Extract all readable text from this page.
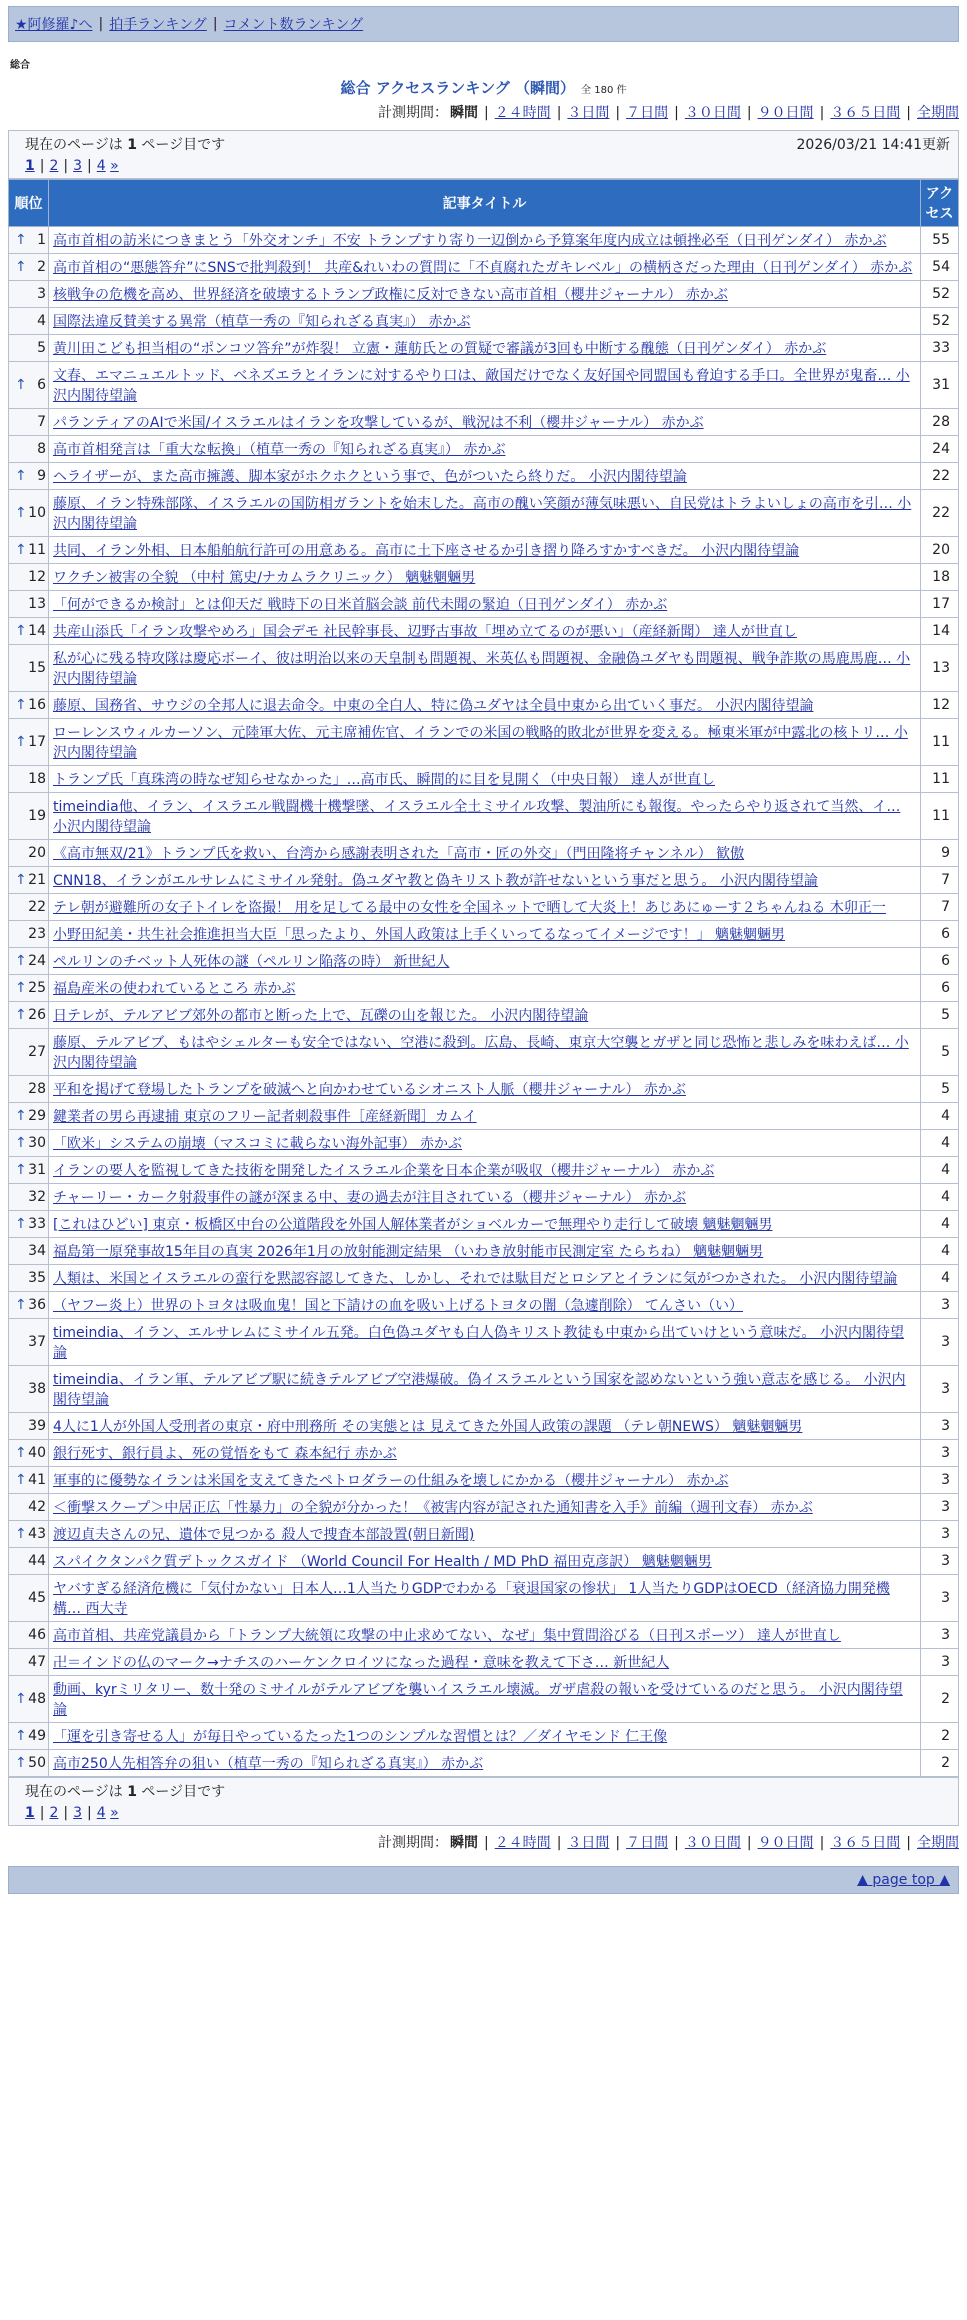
★阿修羅♪へ | 拍手ランキング | コメント数ランキング
総合
総合 アクセスランキング （瞬間） 全 180 件
計測期間： 瞬間 | ２４時間 | ３日間 | ７日間 | ３０日間 | ９０日間 | ３６５日間 | 全期間
現在のページは 1 ページ目です	2026/03/21 14:41更新
1 | 2 | 3 | 4 »
順位	記事タイトル	アクセス

↑ 1	高市首相の訪米につきまとう「外交オンチ」不安 トランプすり寄り一辺倒から予算案年度内成立は頓挫必至（日刊ゲンダイ） 赤かぶ	55

↑ 2	高市首相の“悪態答弁”にSNSで批判殺到！ 共産&れいわの質問に「不貞腐れたガキレベル」の横柄さだった理由（日刊ゲンダイ） 赤かぶ	54
3	核戦争の危機を高め、世界経済を破壊するトランプ政権に反対できない高市首相（櫻井ジャーナル） 赤かぶ	52
4	国際法違反賛美する異常（植草一秀の『知られざる真実』） 赤かぶ	52
5	黄川田こども担当相の“ポンコツ答弁”が炸裂！ 立憲・蓮舫氏との質疑で審議が3回も中断する醜態（日刊ゲンダイ） 赤かぶ	33

↑ 6	文春、エマニュエルトッド、ベネズエラとイランに対するやり口は、敵国だけでなく友好国や同盟国も脅迫する手口。全世界が鬼畜… 小沢内閣待望論	31
7	パランティアのAIで米国/イスラエルはイランを攻撃しているが、戦況は不利（櫻井ジャーナル） 赤かぶ	28
8	高市首相発言は「重大な転換」（植草一秀の『知られざる真実』） 赤かぶ	24

↑ 9	ヘライザーが、また高市擁護、脚本家がホクホクという事で、色がついたら終りだ。 小沢内閣待望論	22

↑ 10	藤原、イラン特殊部隊、イスラエルの国防相ガラントを始末した。高市の醜い笑顔が薄気味悪い、自民党はトラよいしょの高市を引… 小沢内閣待望論	22

↑ 11	共同、イラン外相、日本船舶航行許可の用意ある。高市に土下座させるか引き摺り降ろすかすべきだ。 小沢内閣待望論	20
12	ワクチン被害の全貌 （中村 篤史/ナカムラクリニック） 魑魅魍魎男	18
13	「何ができるか検討」とは仰天だ 戦時下の日米首脳会談 前代未聞の緊迫（日刊ゲンダイ） 赤かぶ	17

↑ 14	共産山添氏「イラン攻撃やめろ」国会デモ 社民幹事長、辺野古事故「埋め立てるのが悪い」（産経新聞） 達人が世直し	14
15	私が心に残る特攻隊は慶応ボーイ、彼は明治以来の天皇制も問題視、米英仏も問題視、金融偽ユダヤも問題視、戦争詐欺の馬鹿馬鹿… 小沢内閣待望論	13

↑ 16	藤原、国務省、サウジの全邦人に退去命令。中東の全白人、特に偽ユダヤは全員中東から出ていく事だ。 小沢内閣待望論	12

↑ 17	ローレンスウィルカーソン、元陸軍大佐、元主席補佐官、イランでの米国の戦略的敗北が世界を変える。極東米軍が中露北の核トリ… 小沢内閣待望論	11
18	トランプ氏「真珠湾の時なぜ知らせなかった」…高市氏、瞬間的に目を見開く（中央日報） 達人が世直し	11
19	timeindia他、イラン、イスラエル戦闘機十機撃墜、イスラエル全土ミサイル攻撃、製油所にも報復。やったらやり返されて当然、イ… 小沢内閣待望論	11
20	《高市無双/21》トランプ氏を救い、台湾から感謝表明された「高市・匠の外交」（門田隆将チャンネル） 歓傲	9

↑ 21	CNN18、イランがエルサレムにミサイル発射。偽ユダヤ教と偽キリスト教が許せないという事だと思う。 小沢内閣待望論	7
22	テレ朝が避難所の女子トイレを盗撮！ 用を足してる最中の女性を全国ネットで晒して大炎上！あじあにゅーす２ちゃんねる 木卯正一	7
23	小野田紀美・共生社会推進担当大臣「思ったより、外国人政策は上手くいってるなってイメージです！」 魑魅魍魎男	6

↑ 24	ペルリンのチベット人死体の謎（ペルリン陥落の時） 新世紀人	6

↑ 25	福島産米の使われているところ 赤かぶ	6

↑ 26	日テレが、テルアビブ郊外の都市と断った上で、瓦礫の山を報じた。 小沢内閣待望論	5
27	藤原、テルアビブ、もはやシェルターも安全ではない、空港に殺到。広島、長崎、東京大空襲とガザと同じ恐怖と悲しみを味わえば… 小沢内閣待望論	5
28	平和を掲げて登場したトランプを破滅へと向かわせているシオニスト人脈（櫻井ジャーナル） 赤かぶ	5

↑ 29	鍵業者の男ら再逮捕 東京のフリー記者刺殺事件［産経新聞］カムイ	4

↑ 30	「欧米」システムの崩壊（マスコミに載らない海外記事） 赤かぶ	4

↑ 31	イランの要人を監視してきた技術を開発したイスラエル企業を日本企業が吸収（櫻井ジャーナル） 赤かぶ	4
32	チャーリー・カーク射殺事件の謎が深まる中、妻の過去が注目されている（櫻井ジャーナル） 赤かぶ	4

↑ 33	[これはひどい] 東京・板橋区中台の公道階段を外国人解体業者がショベルカーで無理やり走行して破壊 魑魅魍魎男	4
34	福島第一原発事故15年目の真実 2026年1月の放射能測定結果 （いわき放射能市民測定室 たらちね） 魑魅魍魎男	4
35	人類は、米国とイスラエルの蛮行を黙認容認してきた、しかし、それでは駄目だとロシアとイランに気がつかされた。 小沢内閣待望論	4

↑ 36	（ヤフー炎上）世界のトヨタは吸血鬼！国と下請けの血を吸い上げるトヨタの闇（急遽削除） てんさい（い）	3
37	timeindia、イラン、エルサレムにミサイル五発。白色偽ユダヤも白人偽キリスト教徒も中東から出ていけという意味だ。 小沢内閣待望論	3
38	timeindia、イラン軍、テルアビブ駅に続きテルアビブ空港爆破。偽イスラエルという国家を認めないという強い意志を感じる。 小沢内閣待望論	3
39	4人に1人が外国人受刑者の東京・府中刑務所 その実態とは 見えてきた外国人政策の課題 （テレ朝NEWS） 魑魅魍魎男	3

↑ 40	銀行死す、銀行員よ、死の覚悟をもて 森本紀行 赤かぶ	3

↑ 41	軍事的に優勢なイランは米国を支えてきたペトロダラーの仕組みを壊しにかかる（櫻井ジャーナル） 赤かぶ	3
42	＜衝撃スクープ＞中居正広「性暴力」の全貌が分かった！《被害内容が記された通知書を入手》前編（週刊文春） 赤かぶ	3

↑ 43	渡辺貞夫さんの兄、遺体で見つかる 殺人で捜査本部設置(朝日新聞)	3
44	スパイクタンパク質デトックスガイド （World Council For Health / MD PhD 福田克彦訳） 魑魅魍魎男	3
45	ヤバすぎる経済危機に「気付かない」日本人…1人当たりGDPでわかる「衰退国家の惨状」 1人当たりGDPはOECD（経済協力開発機構… 西大寺	3
46	高市首相、共産党議員から「トランプ大統領に攻撃の中止求めてない、なぜ」集中質問浴びる（日刊スポーツ） 達人が世直し	3
47	卍＝インドの仏のマーク→ナチスのハーケンクロイツになった過程・意味を教えて下さ… 新世紀人	3

↑ 48	動画、kyrミリタリー、数十発のミサイルがテルアビブを襲いイスラエル壊滅。ガザ虐殺の報いを受けているのだと思う。 小沢内閣待望論	2

↑ 49	「運を引き寄せる人」が毎日やっているたった1つのシンプルな習慣とは？／ダイヤモンド 仁王像	2

↑ 50	高市250人先相答弁の狙い（植草一秀の『知られざる真実』） 赤かぶ	2
現在のページは 1 ページ目です
1 | 2 | 3 | 4 »
計測期間： 瞬間 | ２４時間 | ３日間 | ７日間 | ３０日間 | ９０日間 | ３６５日間 | 全期間
▲ page top ▲
